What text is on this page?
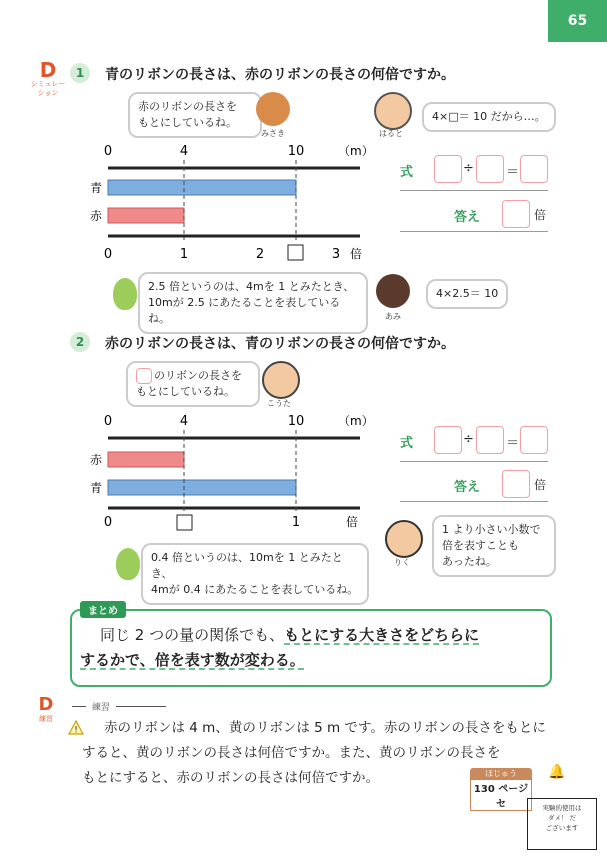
65
D
シミュレー
ション
1	青のリボンの長さは、赤のリボンの長さの何倍ですか。
赤のリボンの長さを
もとにしているね。
みさき	はると
4×□＝ 10 だから…。
0	4	10	（m）
青
赤
0	1	2	3 倍
式	÷ ＝
答え	倍
2.5 倍というのは、4mを 1 とみたとき、
10mが 2.5 にあたることを表しているね。	あみ
4×2.5＝ 10
2	赤のリボンの長さは、青のリボンの長さの何倍ですか。
のリボンの長さを
もとにしているね。
こうた
0	4	10	（m）
赤
青
0	1	倍
式	÷ ＝
答え	倍
0.4 倍というのは、10mを 1 とみたとき、
4mが 0.4 にあたることを表しているね。
りく
1 より小さい小数で
倍を表すことも
あったね。
まとめ
同じ 2 つの量の関係でも、もとにする大きさをどちらに
するかで、倍を表す数が変わる。
D
練習
練習
! 赤のリボンは 4 m、黄のリボンは 5 m です。赤のリボンの長さをもとに
すると、黄のリボンの長さは何倍ですか。また、黄のリボンの長さを
もとにすると、赤のリボンの長さは何倍ですか。	ほじゅう
130 ページセ
🔔
実験的使用は
ダメ！ だ
ございます
